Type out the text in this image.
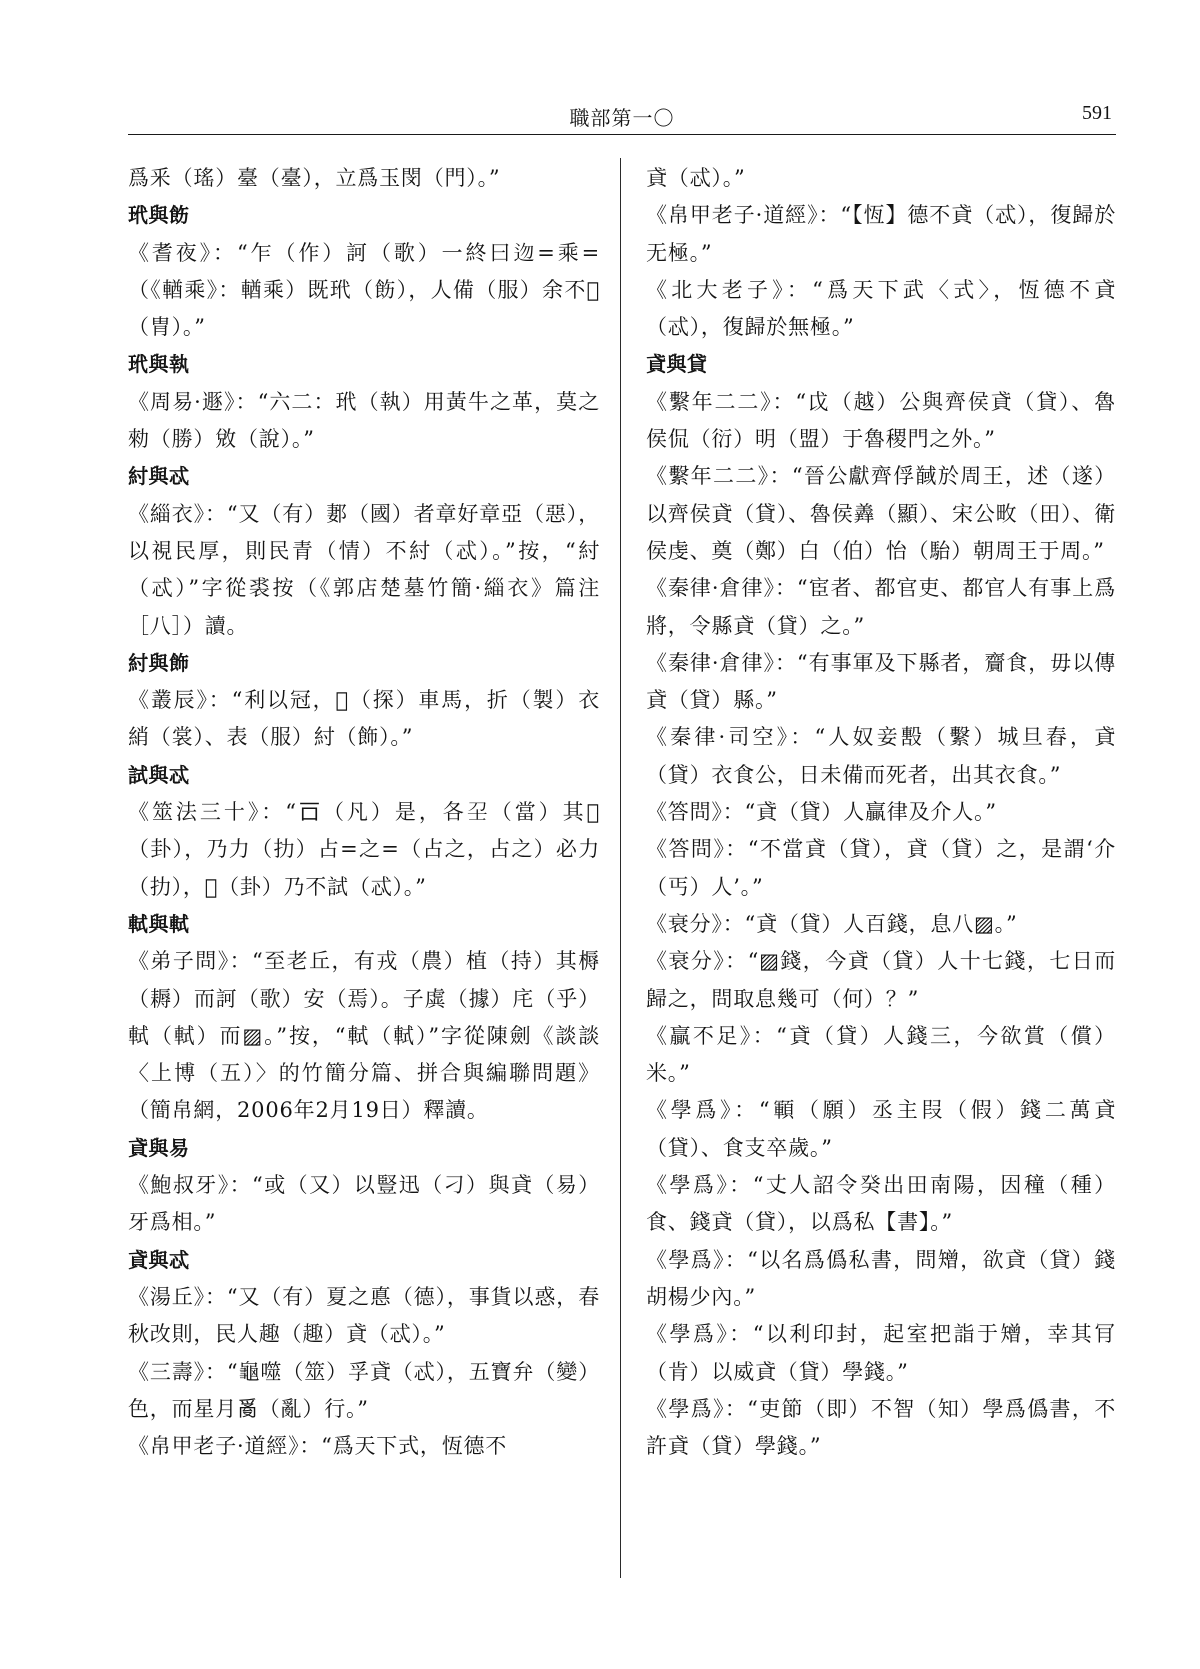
職部第一〇	591

爲釆（瑤）臺（臺），立爲玉閔（門）。”

玳與飭

《耆夜》：“乍（作）訶（歌）一終曰𨑥=乘=（《輶乘》：輶乘）既玳（飭），人備（服）余不𦎫（胄）。”

玳與執

《周易·遯》：“六二：玳（執）用黃牛之革，莫之勑（勝）敓（說）。”

紂與忒

《緇衣》：“又（有）郪（國）者章好章亞（惡），以視民厚，則民青（情）不紂（忒）。”按，“紂（忒）”字從裘按（《郭店楚墓竹簡·緇衣》篇注［八］）讀。

紂與飾

《叢辰》：“利以冠，𢼸（探）車馬，折（製）衣綃（裳）、表（服）紂（飾）。”

試與忒

《筮法三十》：“𠮛（凡）是，各𡔛（當）其𡉦（卦），乃力（扐）占=之=（占之，占之）必力（扐），𡉦（卦）乃不試（忒）。”

軾與軾

《弟子問》：“至老丘，有戎（農）植（持）其槈（耨）而訶（歌）安（焉）。子虡（據）㡯（乎）軾（軾）而▨。”按，“軾（軾）”字從陳劍《談談〈上博（五）〉的竹簡分篇、拼合與編聯問題》（簡帛網，2006年2月19日）釋讀。

貣與易

《鮑叔牙》：“或（又）以豎迅（刁）與貣（易）牙爲相。”

貣與忒

《湯丘》：“又（有）夏之悳（德），事貨以惑，春秋改則，民人趣（趣）貣（忒）。”

《三壽》：“龜噬（筮）孚貣（忒），五寶弁（變）色，而星月𤔔（亂）行。”

《帛甲老子·道經》：“爲天下式，恆德不

貣（忒）。”

《帛甲老子·道經》：“【恆】德不貣（忒），復歸於无極。”

《北大老子》：“爲天下武〈式〉，恆德不貣（忒），復歸於無極。”

貣與貸

《繫年二二》：“戉（越）公與齊侯貣（貸）、魯侯侃（衍）明（盟）于魯稷門之外。”

《繫年二二》：“晉公獻齊俘馘於周王，述（遂）以齊侯貣（貸）、魯侯羴（顯）、宋公畋（田）、衛侯虔、奠（鄭）白（伯）怡（駘）朝周王于周。”

《秦律·倉律》：“宦者、都官吏、都官人有事上爲將，令縣貣（貸）之。”

《秦律·倉律》：“有事軍及下縣者，齎食，毋以傳貣（貸）縣。”

《秦律·司空》：“人奴妾毄（繫）城旦舂，貣（貸）衣食公，日未備而死者，出其衣食。”

《答問》：“貣（貸）人贏律及介人。”

《答問》：“不當貣（貸），貣（貸）之，是謂‘介（丐）人’。”

《衰分》：“貣（貸）人百錢，息八▨。”

《衰分》：“▨錢，今貣（貸）人十七錢，七日而歸之，問取息幾可（何）？”

《贏不足》：“貣（貸）人錢三，今欲賞（償）米。”

《學爲》：“顐（願）丞主叚（假）錢二萬貣（貸）、食支卒歲。”

《學爲》：“丈人詔令癸出田南陽，因穜（種）食、錢貣（貸），以爲私【書】。”

《學爲》：“以名爲僞私書，問矰，欲貣（貸）錢胡楊少內。”

《學爲》：“以利印封，起室把詣于矰，幸其肎（肯）以威貣（貸）學錢。”

《學爲》：“吏節（即）不智（知）學爲僞書，不許貣（貸）學錢。”
